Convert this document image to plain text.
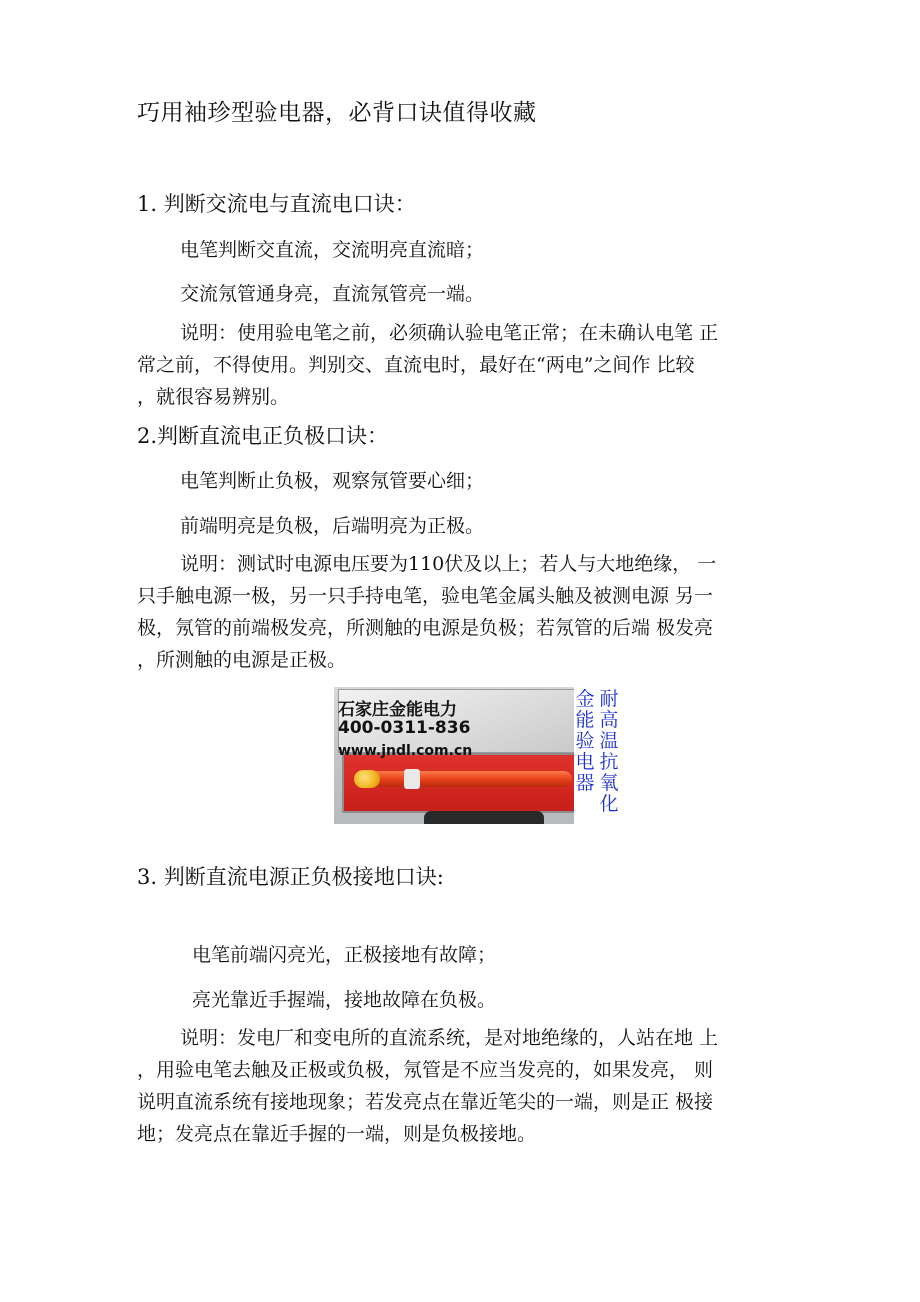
巧用袖珍型验电器，必背口诀值得收藏
1. 判断交流电与直流电口诀：
电笔判断交直流，交流明亮直流暗；
交流氖管通身亮，直流氖管亮一端。
说明：使用验电笔之前，必须确认验电笔正常；在未确认电笔 正
常之前，不得使用。判别交、直流电时，最好在“两电”之间作 比较
，就很容易辨别。
2.判断直流电正负极口诀：
电笔判断止负极，观察氖管要心细；
前端明亮是负极，后端明亮为正极。
说明：测试时电源电压要为110伏及以上；若人与大地绝缘， 一
只手触电源一极，另一只手持电笔，验电笔金属头触及被测电源 另一
极，氖管的前端极发亮，所测触的电源是负极；若氖管的后端 极发亮
，所测触的电源是正极。
石家庄金能电力
400-0311-836
www.jndl.com.cn
金能验电器
耐高温抗氧化
3. 判断直流电源正负极接地口诀:
电笔前端闪亮光，正极接地有故障；
亮光靠近手握端，接地故障在负极。
说明：发电厂和变电所的直流系统，是对地绝缘的，人站在地 上
，用验电笔去触及正极或负极，氖管是不应当发亮的，如果发亮， 则
说明直流系统有接地现象；若发亮点在靠近笔尖的一端，则是正 极接
地；发亮点在靠近手握的一端，则是负极接地。
